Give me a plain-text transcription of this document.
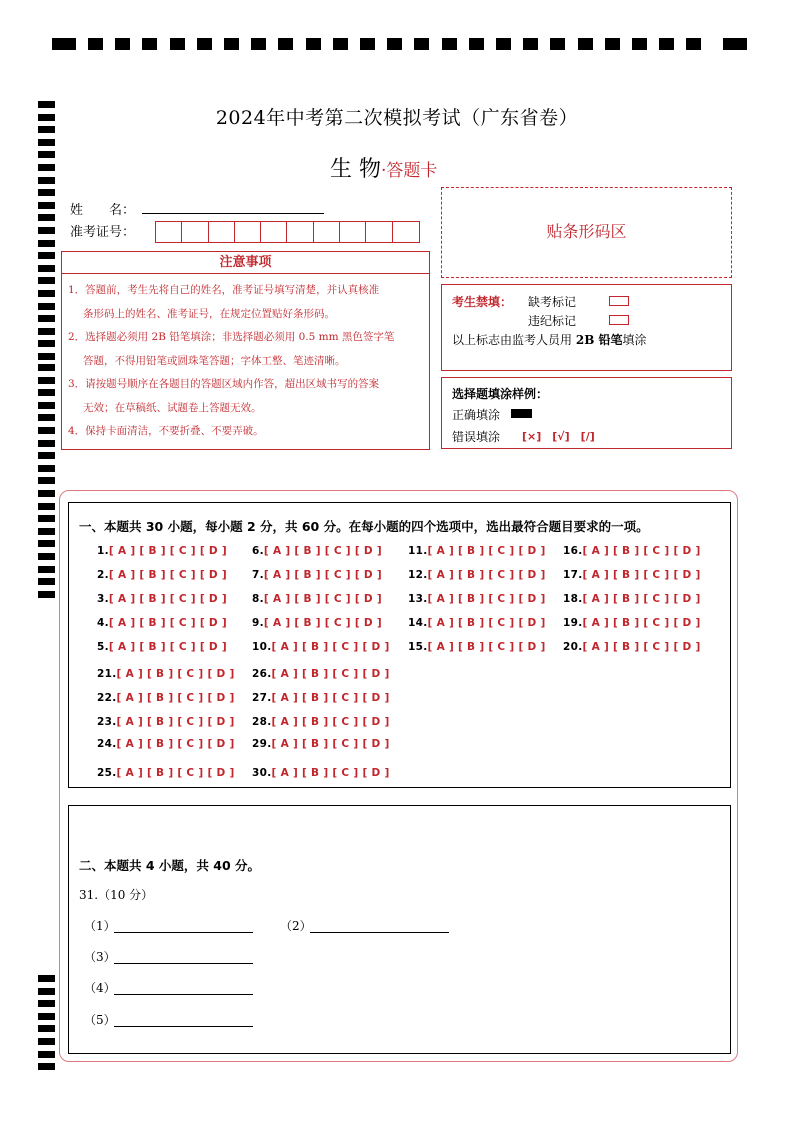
2024年中考第二次模拟考试（广东省卷）
生 物·答题卡
姓　　名：
准考证号：
注意事项
1．答题前，考生先将自己的姓名，准考证号填写清楚，并认真核准
条形码上的姓名、准考证号，在规定位置贴好条形码。
2．选择题必须用 2B 铅笔填涂；非选择题必须用 0.5 mm 黑色签字笔
答题，不得用铅笔或圆珠笔答题；字体工整、笔迹清晰。
3．请按题号顺序在各题目的答题区域内作答，超出区域书写的答案
无效；在草稿纸、试题卷上答题无效。
4．保持卡面清洁，不要折叠、不要弄破。
贴条形码区
考生禁填： 缺考标记
违纪标记
以上标志由监考人员用 2B 铅笔填涂
选择题填涂样例：
正确填涂
错误填涂 [×]　[√]　[/]
一、本题共 30 小题，每小题 2 分，共 60 分。在每小题的四个选项中，选出最符合题目要求的一项。
1.[ A ] [ B ] [ C ] [ D ]
2.[ A ] [ B ] [ C ] [ D ]
3.[ A ] [ B ] [ C ] [ D ]
4.[ A ] [ B ] [ C ] [ D ]
5.[ A ] [ B ] [ C ] [ D ]
6.[ A ] [ B ] [ C ] [ D ]
7.[ A ] [ B ] [ C ] [ D ]
8.[ A ] [ B ] [ C ] [ D ]
9.[ A ] [ B ] [ C ] [ D ]
10.[ A ] [ B ] [ C ] [ D ]
11.[ A ] [ B ] [ C ] [ D ]
12.[ A ] [ B ] [ C ] [ D ]
13.[ A ] [ B ] [ C ] [ D ]
14.[ A ] [ B ] [ C ] [ D ]
15.[ A ] [ B ] [ C ] [ D ]
16.[ A ] [ B ] [ C ] [ D ]
17.[ A ] [ B ] [ C ] [ D ]
18.[ A ] [ B ] [ C ] [ D ]
19.[ A ] [ B ] [ C ] [ D ]
20.[ A ] [ B ] [ C ] [ D ]
21.[ A ] [ B ] [ C ] [ D ] 26.[ A ] [ B ] [ C ] [ D ]
22.[ A ] [ B ] [ C ] [ D ] 27.[ A ] [ B ] [ C ] [ D ]
23.[ A ] [ B ] [ C ] [ D ] 28.[ A ] [ B ] [ C ] [ D ]
24.[ A ] [ B ] [ C ] [ D ] 29.[ A ] [ B ] [ C ] [ D ]
25.[ A ] [ B ] [ C ] [ D ] 30.[ A ] [ B ] [ C ] [ D ]
二、本题共 4 小题，共 40 分。
31.（10 分）
（1）	（2）
（3）
（4）
（5）
